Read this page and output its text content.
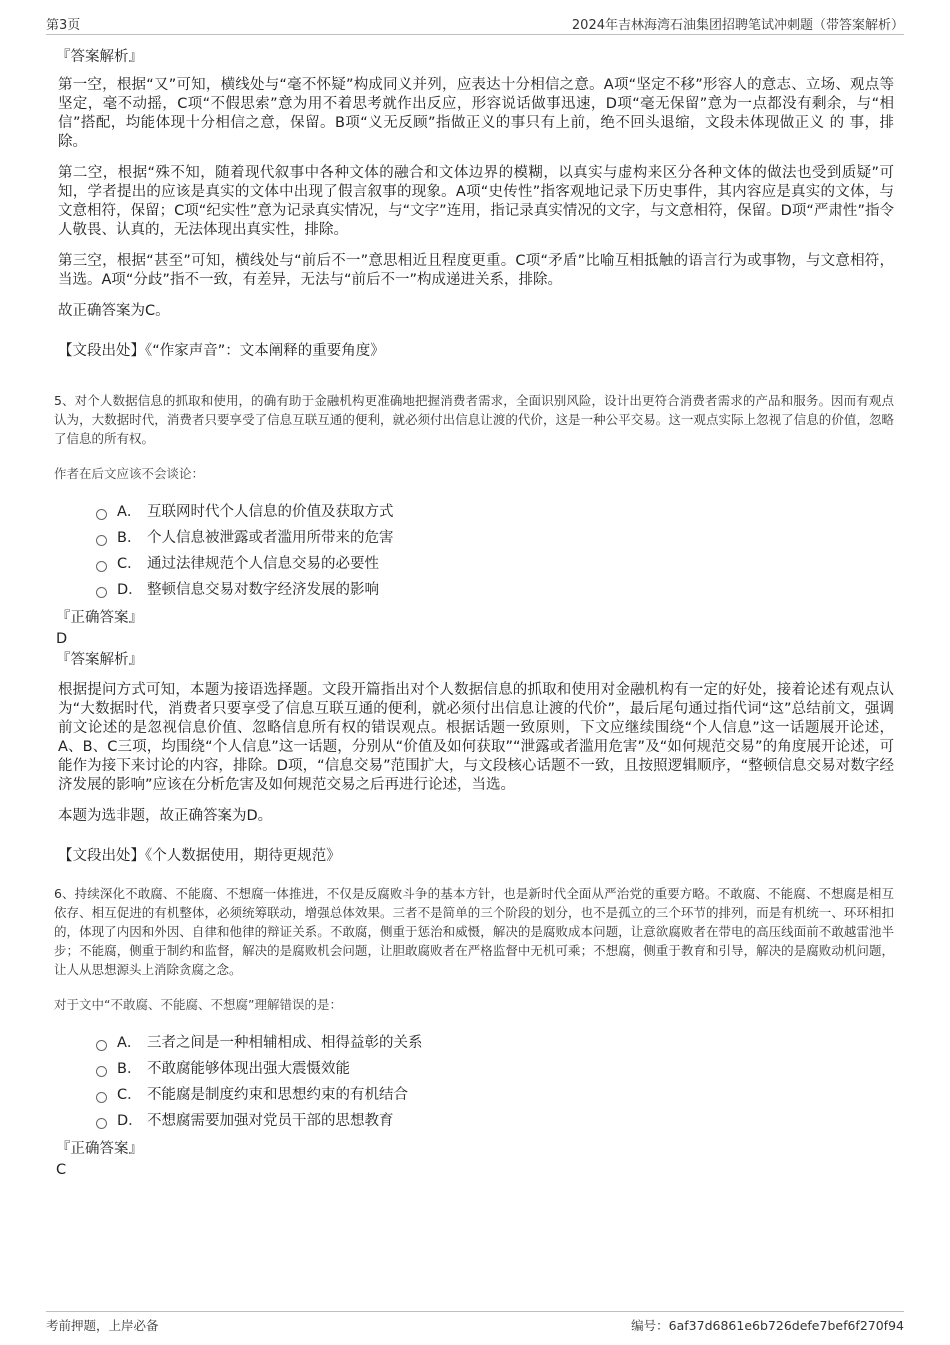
第3页	2024年吉林海湾石油集团招聘笔试冲刺题（带答案解析）

『答案解析』

第一空，根据“又”可知，横线处与“毫不怀疑”构成同义并列，应表达十分相信之意。A项“坚定不移”形容人的意志、立场、观点等坚定，毫不动摇，C项“不假思索”意为用不着思考就作出反应，形容说话做事迅速，D项“毫无保留”意为一点都没有剩余，与“相信”搭配，均能体现十分相信之意，保留。B项“义无反顾”指做正义的事只有上前，绝不回头退缩，文段未体现做正义 的 事，排除。

第二空，根据“殊不知，随着现代叙事中各种文体的融合和文体边界的模糊，以真实与虚构来区分各种文体的做法也受到质疑”可知，学者提出的应该是真实的文体中出现了假言叙事的现象。A项“史传性”指客观地记录下历史事件，其内容应是真实的文体，与文意相符，保留；C项“纪实性”意为记录真实情况，与“文字”连用，指记录真实情况的文字，与文意相符，保留。D项“严肃性”指令人敬畏、认真的，无法体现出真实性，排除。

第三空，根据“甚至”可知，横线处与“前后不一”意思相近且程度更重。C项“矛盾”比喻互相抵触的语言行为或事物，与文意相符，当选。A项“分歧”指不一致，有差异，无法与“前后不一”构成递进关系，排除。

故正确答案为C。

【文段出处】《“作家声音”：文本阐释的重要角度》

5、对个人数据信息的抓取和使用，的确有助于金融机构更准确地把握消费者需求，全面识别风险，设计出更符合消费者需求的产品和服务。因而有观点认为，大数据时代，消费者只要享受了信息互联互通的便利，就必须付出信息让渡的代价，这是一种公平交易。这一观点实际上忽视了信息的价值，忽略了信息的所有权。

作者在后文应该不会谈论：

A． 互联网时代个人信息的价值及获取方式
B． 个人信息被泄露或者滥用所带来的危害
C． 通过法律规范个人信息交易的必要性
D． 整顿信息交易对数字经济发展的影响

『正确答案』

D

『答案解析』

根据提问方式可知，本题为接语选择题。文段开篇指出对个人数据信息的抓取和使用对金融机构有一定的好处，接着论述有观点认为“大数据时代，消费者只要享受了信息互联互通的便利，就必须付出信息让渡的代价”，最后尾句通过指代词“这”总结前文，强调前文论述的是忽视信息价值、忽略信息所有权的错误观点。根据话题一致原则，下文应继续围绕“个人信息”这一话题展开论述，A、B、C三项，均围绕“个人信息”这一话题，分别从“价值及如何获取”“泄露或者滥用危害”及“如何规范交易”的角度展开论述，可能作为接下来讨论的内容，排除。D项，“信息交易”范围扩大，与文段核心话题不一致，且按照逻辑顺序，“整顿信息交易对数字经济发展的影响”应该在分析危害及如何规范交易之后再进行论述，当选。

本题为选非题，故正确答案为D。

【文段出处】《个人数据使用，期待更规范》

6、持续深化不敢腐、不能腐、不想腐一体推进，不仅是反腐败斗争的基本方针，也是新时代全面从严治党的重要方略。不敢腐、不能腐、不想腐是相互依存、相互促进的有机整体，必须统筹联动，增强总体效果。三者不是简单的三个阶段的划分，也不是孤立的三个环节的排列，而是有机统一、环环相扣的，体现了内因和外因、自律和他律的辩证关系。不敢腐，侧重于惩治和威慑，解决的是腐败成本问题，让意欲腐败者在带电的高压线面前不敢越雷池半步；不能腐，侧重于制约和监督，解决的是腐败机会问题，让胆敢腐败者在严格监督中无机可乘；不想腐，侧重于教育和引导，解决的是腐败动机问题，让人从思想源头上消除贪腐之念。

对于文中“不敢腐、不能腐、不想腐”理解错误的是：

A． 三者之间是一种相辅相成、相得益彰的关系
B． 不敢腐能够体现出强大震慑效能
C． 不能腐是制度约束和思想约束的有机结合
D． 不想腐需要加强对党员干部的思想教育

『正确答案』

C

考前押题，上岸必备	编号：6af37d6861e6b726defe7bef6f270f94
